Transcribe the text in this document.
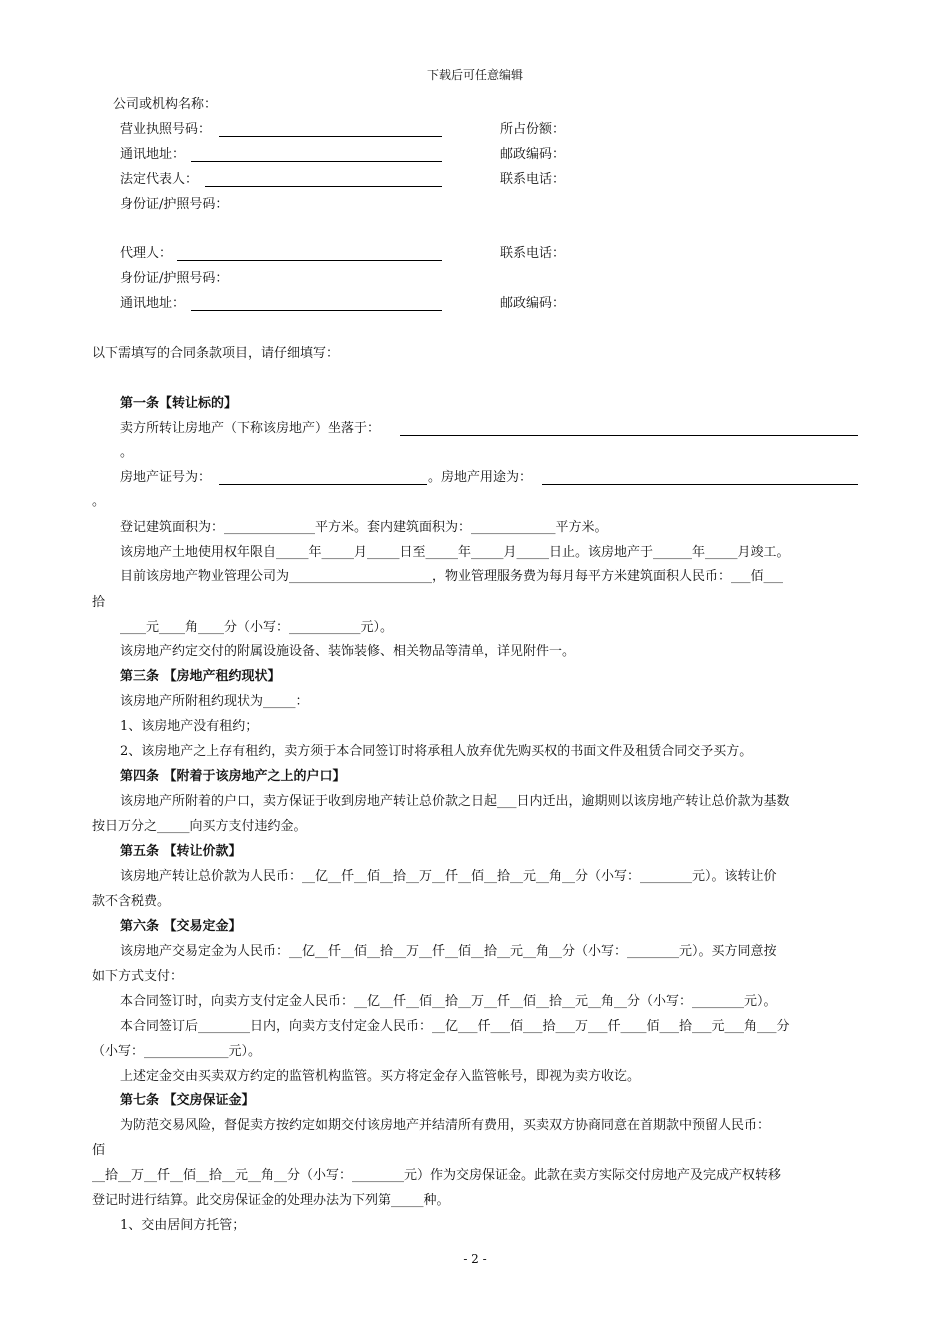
下载后可任意编辑
公司或机构名称：
营业执照号码：	所占份额：
通讯地址：	邮政编码：
法定代表人：	联系电话：
身份证/护照号码：
代理人：	联系电话：
身份证/护照号码：
通讯地址：	邮政编码：
以下需填写的合同条款项目，请仔细填写：
第一条【转让标的】
卖方所转让房地产（下称该房地产）坐落于：
。
房地产证号为：	。房地产用途为：
。
登记建筑面积为：______________平方米。套内建筑面积为：_____________平方米。
该房地产土地使用权年限自_____年_____月_____日至_____年_____月_____日止。该房地产于______年_____月竣工。
目前该房地产物业管理公司为______________________，物业管理服务费为每月每平方米建筑面积人民币：___佰___
拾
____元____角____分（小写：___________元）。
该房地产约定交付的附属设施设备、装饰装修、相关物品等清单，详见附件一。
第三条 【房地产租约现状】
该房地产所附租约现状为_____：
1、该房地产没有租约；
2、该房地产之上存有租约，卖方须于本合同签订时将承租人放弃优先购买权的书面文件及租赁合同交予买方。
第四条 【附着于该房地产之上的户口】
该房地产所附着的户口，卖方保证于收到房地产转让总价款之日起___日内迁出，逾期则以该房地产转让总价款为基数
按日万分之_____向买方支付违约金。
第五条 【转让价款】
该房地产转让总价款为人民币：__亿__仟__佰__拾__万__仟__佰__拾__元__角__分（小写：________元）。该转让价
款不含税费。
第六条 【交易定金】
该房地产交易定金为人民币：__亿__仟__佰__拾__万__仟__佰__拾__元__角__分（小写：________元）。买方同意按
如下方式支付：
本合同签订时，向卖方支付定金人民币：__亿__仟__佰__拾__万__仟__佰__拾__元__角__分（小写：________元）。
本合同签订后________日内，向卖方支付定金人民币：__亿___仟___佰___拾___万___仟____佰___拾___元___角___分
（小写：_____________元）。
上述定金交由买卖双方约定的监管机构监管。买方将定金存入监管帐号，即视为卖方收讫。
第七条 【交房保证金】
为防范交易风险，督促卖方按约定如期交付该房地产并结清所有费用，买卖双方协商同意在首期款中预留人民币：
佰
__拾__万__仟__佰__拾__元__角__分（小写：________元）作为交房保证金。此款在卖方实际交付房地产及完成产权转移
登记时进行结算。此交房保证金的处理办法为下列第_____种。
1、交由居间方托管；
- 2 -
